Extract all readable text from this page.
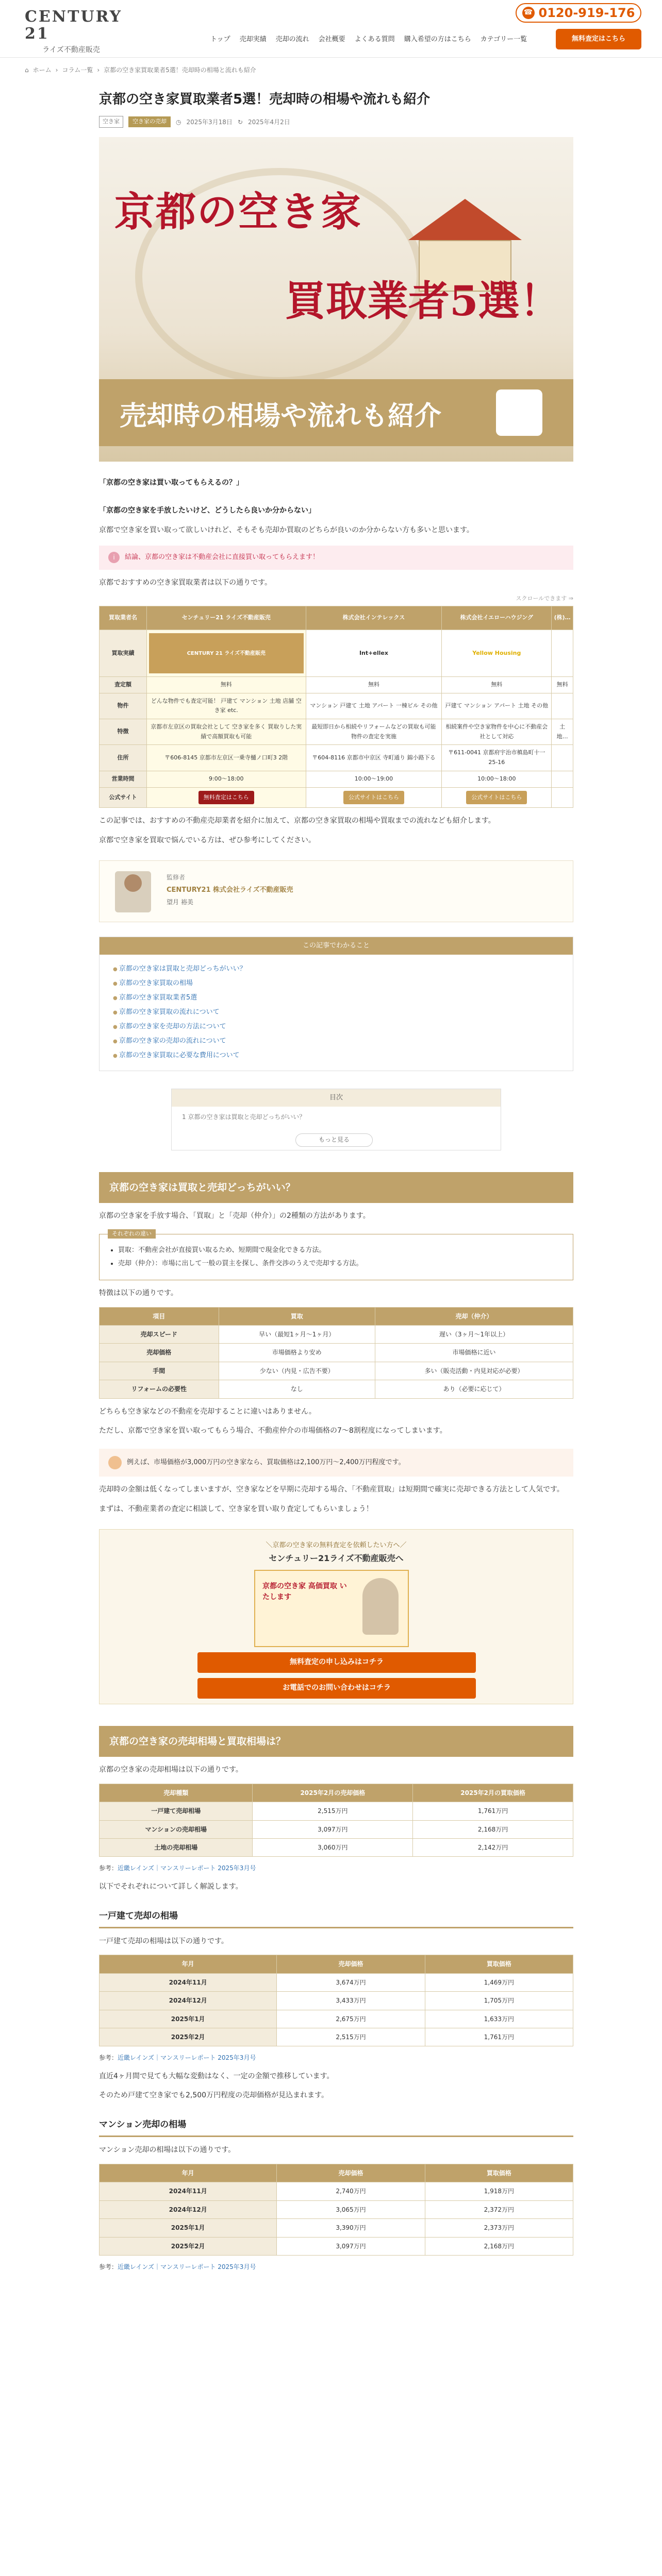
CENTURY 21
ライズ不動産販売
☎ 0120-919-176
トップ 売却実績 売却の流れ 会社概要 よくある質問 購入希望の方はこちら カテゴリー一覧	無料査定はこちら
⌂ ホーム › コラム一覧 › 京都の空き家買取業者5選！売却時の相場と流れも紹介
京都の空き家買取業者5選！売却時の相場や流れも紹介
空き家	空き家の売却	◷ 2025年3月18日 ↻ 2025年4月2日
京都の空き家
買取業者5選！
売却時の相場や流れも紹介

「京都の空き家は買い取ってもらえるの？」

「京都の空き家を手放したいけど、どうしたら良いか分からない」

京都で空き家を買い取って欲しいけれど、そもそも売却か買取のどちらが良いのか分からない方も多いと思います。

i	結論、京都の空き家は不動産会社に直接買い取ってもらえます！

京都でおすすめの空き家買取業者は以下の通りです。

スクロールできます ⇒
買取業者名	センチュリー21 ライズ不動産販売	株式会社インテレックス	株式会社イエローハウジング	(株)…
買取実績	CENTURY 21 ライズ不動産販売	Int+ellex	Yellow Housing	

査定額	無料	無料	無料	無料
物件	どんな物件でも査定可能！ 戸建て マンション 土地 店舗 空き家 etc.	マンション 戸建て 土地 アパート 一棟ビル その他	戸建て マンション アパート 土地 その他	
特徴	京都市左京区の買取会社として 空き家を多く 買取りした実績で高額買取も可能	最短即日から相続やリフォームなどの買取も可能 物件の査定を実施	相続案件や空き家物件を中心に不動産会社として対応	土地…
住所	〒606-8145 京都市左京区一乗寺樋ノ口町3 2階	〒604-8116 京都市中京区 寺町通り 錦小路下る	〒611-0041 京都府宇治市槙島町十一25-16	
営業時間	9:00～18:00	10:00～19:00	10:00～18:00	
公式サイト	無料査定はこちら	公式サイトはこちら	公式サイトはこちら	

この記事では、おすすめの不動産売却業者を紹介に加えて、京都の空き家買取の相場や買取までの流れなども紹介します。

京都で空き家を買取で悩んでいる方は、ぜひ参考にしてください。

監修者
CENTURY21 株式会社ライズ不動産販売
望月 裕美
この記事でわかること
● 京都の空き家は買取と売却どっちがいい？
● 京都の空き家買取の相場
● 京都の空き家買取業者5選
● 京都の空き家買取の流れについて
● 京都の空き家を売却の方法について
● 京都の空き家の売却の流れについて
● 京都の空き家買取に必要な費用について
目次
1 京都の空き家は買取と売却どっちがいい？
もっと見る
京都の空き家は買取と売却どっちがいい？

京都の空き家を手放す場合、「買取」と「売却（仲介）」の2種類の方法があります。

それぞれの違い
• 買取：不動産会社が直接買い取るため、短期間で現金化できる方法。
• 売却（仲介）：市場に出して一般の買主を探し、条件交渉のうえで売却する方法。

特徴は以下の通りです。

項目	買取	売却（仲介）
売却スピード	早い（最短1ヶ月～1ヶ月）	遅い（3ヶ月～1年以上）
売却価格	市場価格より安め	市場価格に近い
手間	少ない（内見・広告不要）	多い（販売活動・内見対応が必要）
リフォームの必要性	なし	あり（必要に応じて）

どちらも空き家などの不動産を売却することに違いはありません。

ただし、京都で空き家を買い取ってもらう場合、不動産仲介の市場価格の7～8割程度になってしまいます。

例えば、市場価格が3,000万円の空き家なら、買取価格は2,100万円～2,400万円程度です。

売却時の金額は低くなってしまいますが、空き家などを早期に売却する場合、「不動産買取」は短期間で確実に売却できる方法として人気です。

まずは、不動産業者の査定に相談して、空き家を買い取り査定してもらいましょう！

＼京都の空き家の無料査定を依頼したい方へ／
センチュリー21ライズ不動産販売へ
京都の空き家 高価買取 いたします
無料査定の申し込みはコチラ
お電話でのお問い合わせはコチラ
京都の空き家の売却相場と買取相場は？

京都の空き家の売却相場は以下の通りです。

売却種類	2025年2月の売却価格	2025年2月の買取価格
一戸建て売却相場	2,515万円	1,761万円
マンションの売却相場	3,097万円	2,168万円
土地の売却相場	3,060万円	2,142万円

参考：近畿レインズ｜マンスリーレポート 2025年3月号

以下でそれぞれについて詳しく解説します。

一戸建て売却の相場

一戸建て売却の相場は以下の通りです。

年月	売却価格	買取価格
2024年11月	3,674万円	1,469万円
2024年12月	3,433万円	1,705万円
2025年1月	2,675万円	1,633万円
2025年2月	2,515万円	1,761万円

参考：近畿レインズ｜マンスリーレポート 2025年3月号

直近4ヶ月間で見ても大幅な変動はなく、一定の金額で推移しています。

そのため戸建て空き家でも2,500万円程度の売却価格が見込まれます。

マンション売却の相場

マンション売却の相場は以下の通りです。

年月	売却価格	買取価格
2024年11月	2,740万円	1,918万円
2024年12月	3,065万円	2,372万円
2025年1月	3,390万円	2,373万円
2025年2月	3,097万円	2,168万円

参考：近畿レインズ｜マンスリーレポート 2025年3月号
